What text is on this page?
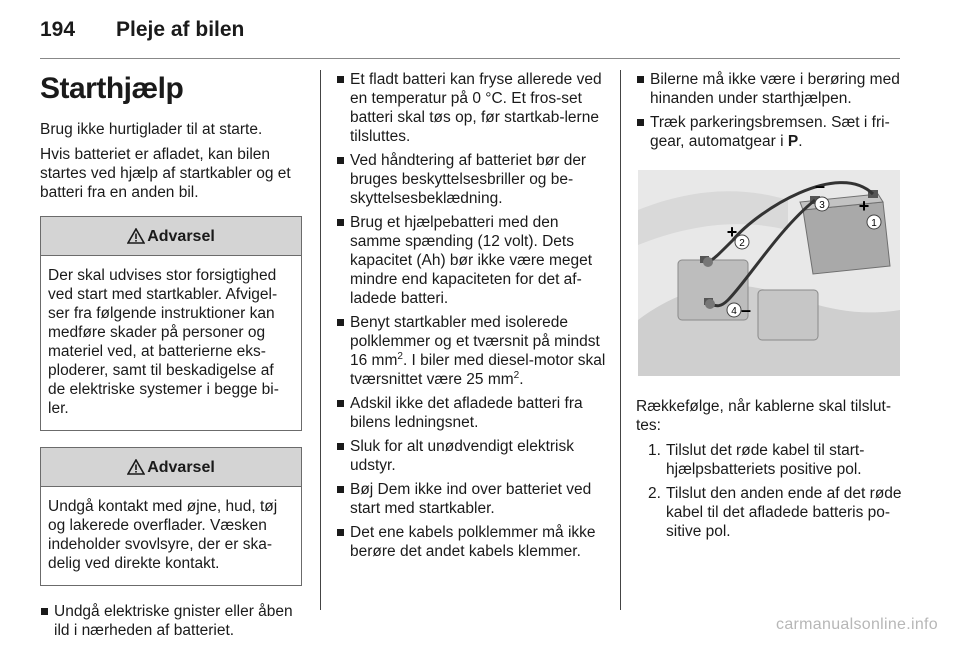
194 Pleje af bilen
Starthjælp

Brug ikke hurtiglader til at starte.

Hvis batteriet er afladet, kan bilen startes ved hjælp af startkabler og et batteri fra en anden bil.

Advarsel
Der skal udvises stor forsigtighed ved start med startkabler. Afvigel-ser fra følgende instruktioner kan medføre skader på personer og materiel ved, at batterierne eks-ploderer, samt til beskadigelse af de elektriske systemer i begge bi-ler.
Advarsel
Undgå kontakt med øjne, hud, tøj og lakerede overflader. Væsken indeholder svovlsyre, der er ska-delig ved direkte kontakt.
Undgå elektriske gnister eller åben ild i nærheden af batteriet.
Et fladt batteri kan fryse allerede ved en temperatur på 0 °C. Et fros-set batteri skal tøs op, før startkab-lerne tilsluttes.
Ved håndtering af batteriet bør der bruges beskyttelsesbriller og be-skyttelsesbeklædning.
Brug et hjælpebatteri med den samme spænding (12 volt). Dets kapacitet (Ah) bør ikke være meget mindre end kapaciteten for det af-ladede batteri.
Benyt startkabler med isolerede polklemmer og et tværsnit på mindst 16 $mm^2$. I biler med diesel-motor skal tværsnittet være 25 $mm^2$.
Adskil ikke det afladede batteri fra bilens ledningsnet.
Sluk for alt unødvendigt elektrisk udstyr.
Bøj Dem ikke ind over batteriet ved start med startkabler.
Det ene kabels polklemmer må ikke berøre det andet kabels klemmer.
Bilerne må ikke være i berøring med hinanden under starthjælpen.
Træk parkeringsbremsen. Sæt i fri-gear, automatgear i P.
1
2
3
4
+
–
+
–

Rækkefølge, når kablerne skal tilslut-tes:

1. Tilslut det røde kabel til start-hjælpsbatteriets positive pol.
2. Tilslut den anden ende af det røde kabel til det afladede batteris po-sitive pol.
carmanualsonline.info
